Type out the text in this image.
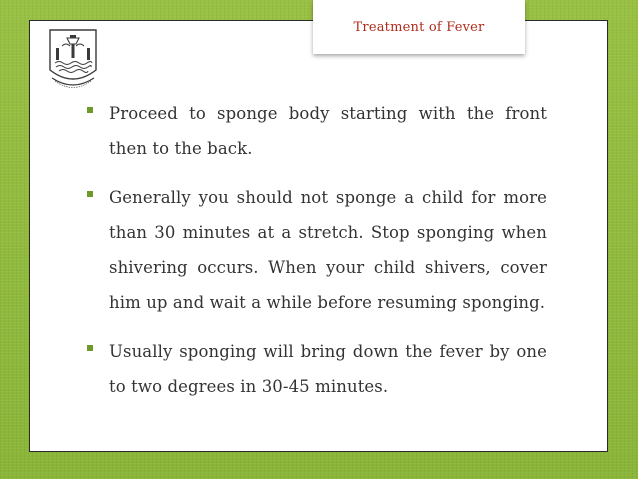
Treatment of Fever
Proceed to sponge body starting with the front then to the back.
Generally you should not sponge a child for more than 30 minutes at a stretch. Stop sponging when shivering occurs. When your child shivers, cover him up and wait a while before resuming sponging.
Usually sponging will bring down the fever by one to two degrees in 30-45 minutes.
